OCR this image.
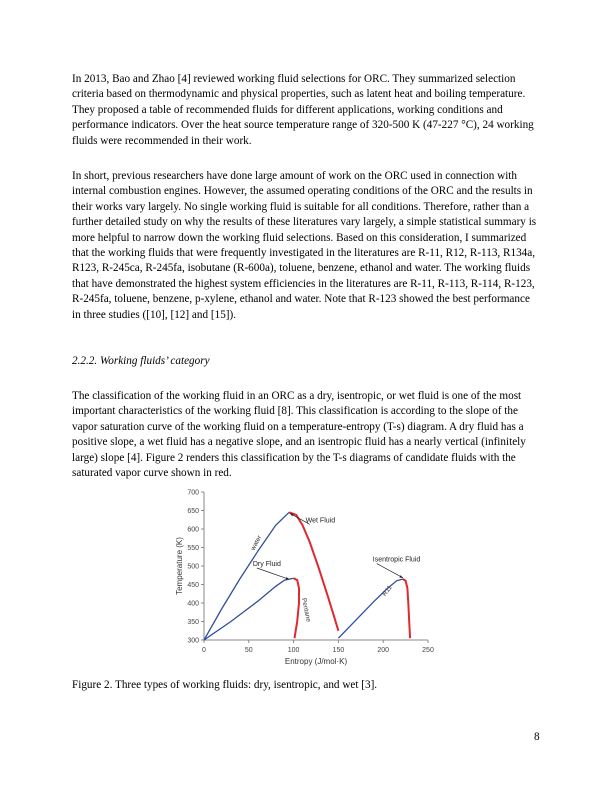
In 2013, Bao and Zhao [4] reviewed working fluid selections for ORC. They summarized selection criteria based on thermodynamic and physical properties, such as latent heat and boiling temperature. They proposed a table of recommended fluids for different applications, working conditions and performance indicators. Over the heat source temperature range of 320-500 K (47-227 °C), 24 working fluids were recommended in their work.

In short, previous researchers have done large amount of work on the ORC used in connection with internal combustion engines. However, the assumed operating conditions of the ORC and the results in their works vary largely. No single working fluid is suitable for all conditions. Therefore, rather than a further detailed study on why the results of these literatures vary largely, a simple statistical summary is more helpful to narrow down the working fluid selections. Based on this consideration, I summarized that the working fluids that were frequently investigated in the literatures are R-11, R12, R-113, R134a, R123, R-245ca, R-245fa, isobutane (R-600a), toluene, benzene, ethanol and water. The working fluids that have demonstrated the highest system efficiencies in the literatures are R-11, R-113, R-114, R-123, R-245fa, toluene, benzene, p-xylene, ethanol and water. Note that R-123 showed the best performance in three studies ([10], [12] and [15]).

2.2.2. Working fluids’ category

The classification of the working fluid in an ORC as a dry, isentropic, or wet fluid is one of the most important characteristics of the working fluid [8]. This classification is according to the slope of the vapor saturation curve of the working fluid on a temperature-entropy (T-s) diagram. A dry fluid has a positive slope, a wet fluid has a negative slope, and an isentropic fluid has a nearly vertical (infinitely large) slope [4]. Figure 2 renders this classification by the T-s diagrams of candidate fluids with the saturated vapor curve shown in red.

0	50	100	150	200	250
300
350
400
450
500
550
600
650
700
Entropy (J/mol·K)
Temperature (K)	water
Pentane
R11
Wet Fluid
Dry Fluid
Isentropic Fluid

Figure 2. Three types of working fluids: dry, isentropic, and wet [3].

8
